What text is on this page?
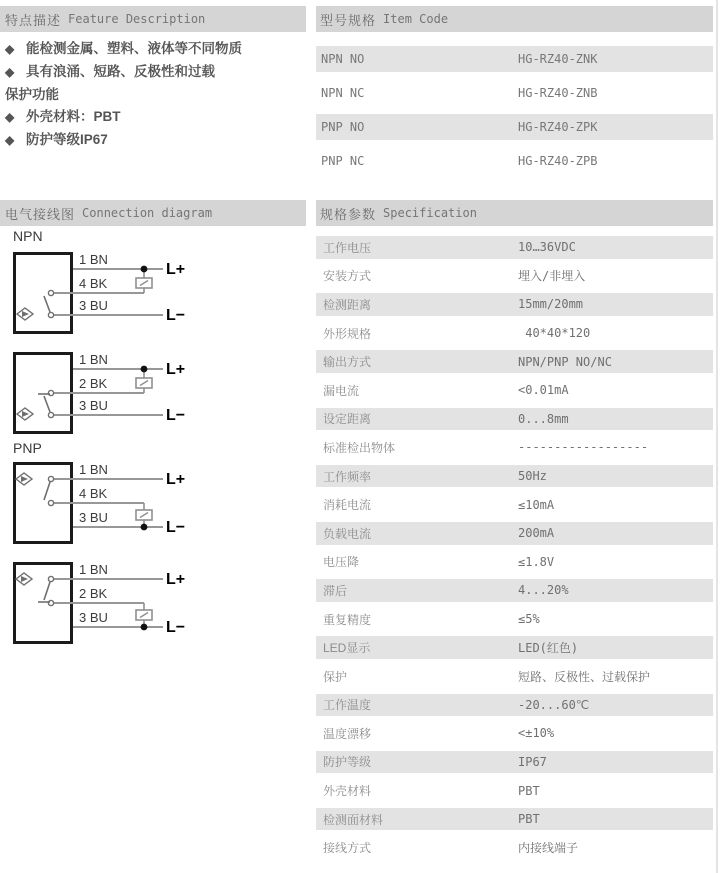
特点描述 Feature Description	型号规格 Item Code
电气接线图 Connection diagram	规格参数 Specification
◆ 能检测金属、塑料、液体等不同物质
◆ 具有浪涌、短路、反极性和过载
保护功能
◆ 外壳材料：PBT
◆ 防护等级IP67
NPN NO	HG-RZ40-ZNK
NPN NC	HG-RZ40-ZNB
PNP NO	HG-RZ40-ZPK
PNP NC	HG-RZ40-ZPB
NPN
1 BN
4 BK
3 BU
L+
L−
1 BN
2 BK
3 BU
L+
L−
PNP
1 BN
4 BK
3 BU
L+
L−
1 BN
2 BK
3 BU
L+
L−
工作电压	10…36VDC
安装方式	埋入/非埋入
检测距离	15mm/20mm
外形规格	40*40*120
输出方式	NPN/PNP NO/NC
漏电流	<0.01mA
设定距离	0...8mm
标准检出物体	------------------
工作频率	50Hz
消耗电流	≤10mA
负载电流	200mA
电压降	≤1.8V
滞后	4...20%
重复精度	≤5%
LED显示	LED(红色)
保护	短路、反极性、过载保护
工作温度	-20...60℃
温度漂移	<±10%
防护等级	IP67
外壳材料	PBT
检测面材料	PBT
接线方式	内接线端子
